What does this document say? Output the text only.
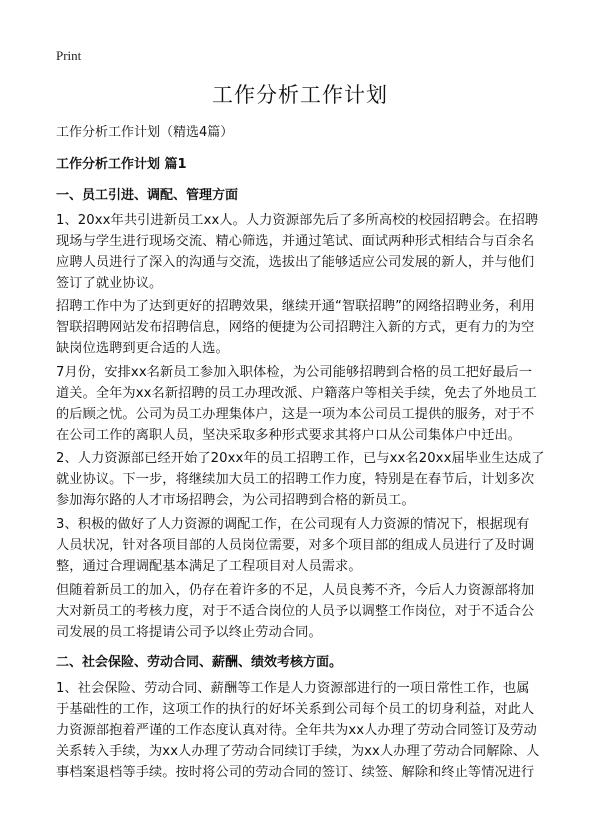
Print
工作分析工作计划

工作分析工作计划（精选4篇）

工作分析工作计划 篇1
一、员工引进、调配、管理方面
1、20xx年共引进新员工xx人。人力资源部先后了多所高校的校园招聘会。在招聘
现场与学生进行现场交流、精心筛选，并通过笔试、面试两种形式相结合与百余名
应聘人员进行了深入的沟通与交流，选拔出了能够适应公司发展的新人，并与他们
签订了就业协议。
招聘工作中为了达到更好的招聘效果，继续开通“智联招聘”的网络招聘业务，利用
智联招聘网站发布招聘信息，网络的便捷为公司招聘注入新的方式，更有力的为空
缺岗位选聘到更合适的人选。
7月份，安排xx名新员工参加入职体检，为公司能够招聘到合格的员工把好最后一
道关。全年为xx名新招聘的员工办理改派、户籍落户等相关手续，免去了外地员工
的后顾之忧。公司为员工办理集体户，这是一项为本公司员工提供的服务，对于不
在公司工作的离职人员，坚决采取多种形式要求其将户口从公司集体户中迁出。
2、人力资源部已经开始了20xx年的员工招聘工作，已与xx名20xx届毕业生达成了
就业协议。下一步，将继续加大员工的招聘工作力度，特别是在春节后，计划多次
参加海尔路的人才市场招聘会，为公司招聘到合格的新员工。
3、积极的做好了人力资源的调配工作，在公司现有人力资源的情况下，根据现有
人员状况，针对各项目部的人员岗位需要，对多个项目部的组成人员进行了及时调
整，通过合理调配基本满足了工程项目对人员需求。
但随着新员工的加入，仍存在着许多的不足，人员良莠不齐，今后人力资源部将加
大对新员工的考核力度，对于不适合岗位的人员予以调整工作岗位，对于不适合公
司发展的员工将提请公司予以终止劳动合同。
二、社会保险、劳动合同、薪酬、绩效考核方面。
1、社会保险、劳动合同、薪酬等工作是人力资源部进行的一项日常性工作，也属
于基础性的工作，这项工作的执行的好坏关系到公司每个员工的切身利益，对此人
力资源部抱着严谨的工作态度认真对待。全年共为xx人办理了劳动合同签订及劳动
关系转入手续，为xx人办理了劳动合同续订手续，为xx人办理了劳动合同解除、人
事档案退档等手续。按时将公司的劳动合同的签订、续签、解除和终止等情况进行
